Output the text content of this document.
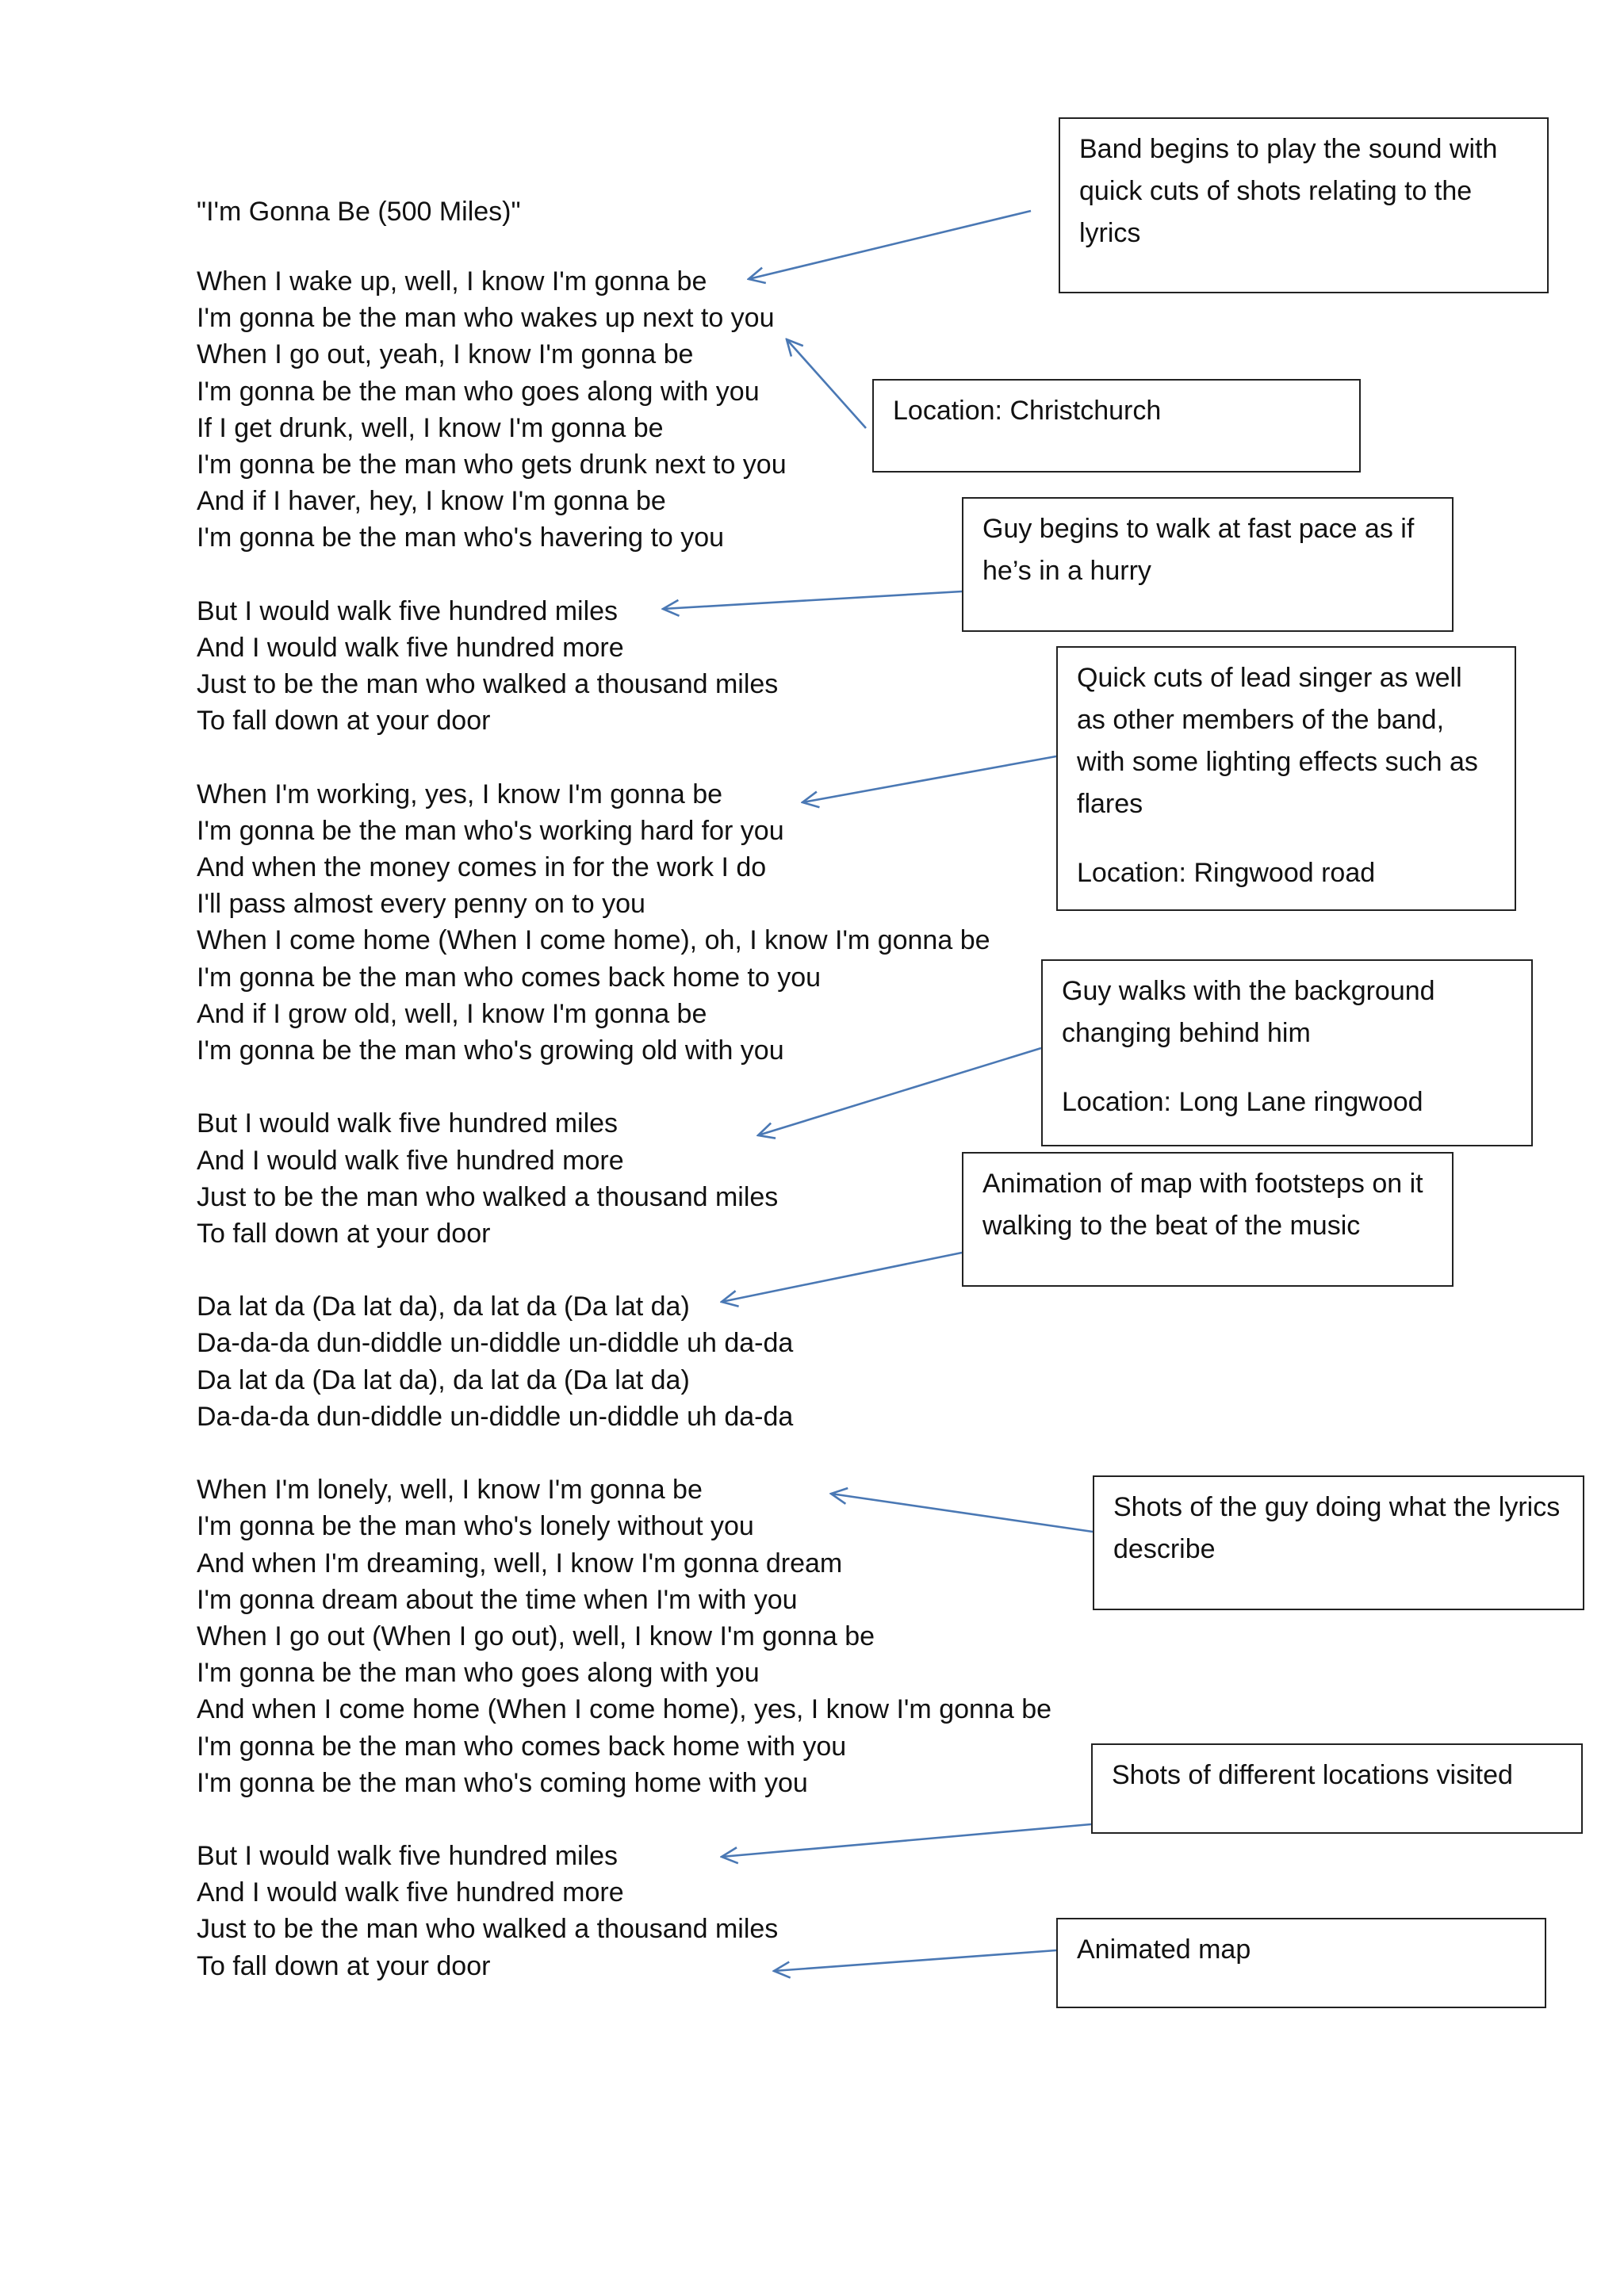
"I'm Gonna Be (500 Miles)"
When I wake up, well, I know I'm gonna be
I'm gonna be the man who wakes up next to you
When I go out, yeah, I know I'm gonna be
I'm gonna be the man who goes along with you
If I get drunk, well, I know I'm gonna be
I'm gonna be the man who gets drunk next to you
And if I haver, hey, I know I'm gonna be
I'm gonna be the man who's havering to you
But I would walk five hundred miles
And I would walk five hundred more
Just to be the man who walked a thousand miles
To fall down at your door
When I'm working, yes, I know I'm gonna be
I'm gonna be the man who's working hard for you
And when the money comes in for the work I do
I'll pass almost every penny on to you
When I come home (When I come home), oh, I know I'm gonna be
I'm gonna be the man who comes back home to you
And if I grow old, well, I know I'm gonna be
I'm gonna be the man who's growing old with you
But I would walk five hundred miles
And I would walk five hundred more
Just to be the man who walked a thousand miles
To fall down at your door
Da lat da (Da lat da), da lat da (Da lat da)
Da-da-da dun-diddle un-diddle un-diddle uh da-da
Da lat da (Da lat da), da lat da (Da lat da)
Da-da-da dun-diddle un-diddle un-diddle uh da-da
When I'm lonely, well, I know I'm gonna be
I'm gonna be the man who's lonely without you
And when I'm dreaming, well, I know I'm gonna dream
I'm gonna dream about the time when I'm with you
When I go out (When I go out), well, I know I'm gonna be
I'm gonna be the man who goes along with you
And when I come home (When I come home), yes, I know I'm gonna be
I'm gonna be the man who comes back home with you
I'm gonna be the man who's coming home with you
But I would walk five hundred miles
And I would walk five hundred more
Just to be the man who walked a thousand miles
To fall down at your door

Band begins to play the sound with quick cuts of shots relating to the lyrics

Location: Christchurch

Guy begins to walk at fast pace as if he’s in a hurry

Quick cuts of lead singer as well as other members of the band, with some lighting effects such as flares

Location: Ringwood road

Guy walks with the background changing behind him

Location: Long Lane ringwood

Animation of map with footsteps on it walking to the beat of the music

Shots of the guy doing what the lyrics describe

Shots of different locations visited

Animated map
